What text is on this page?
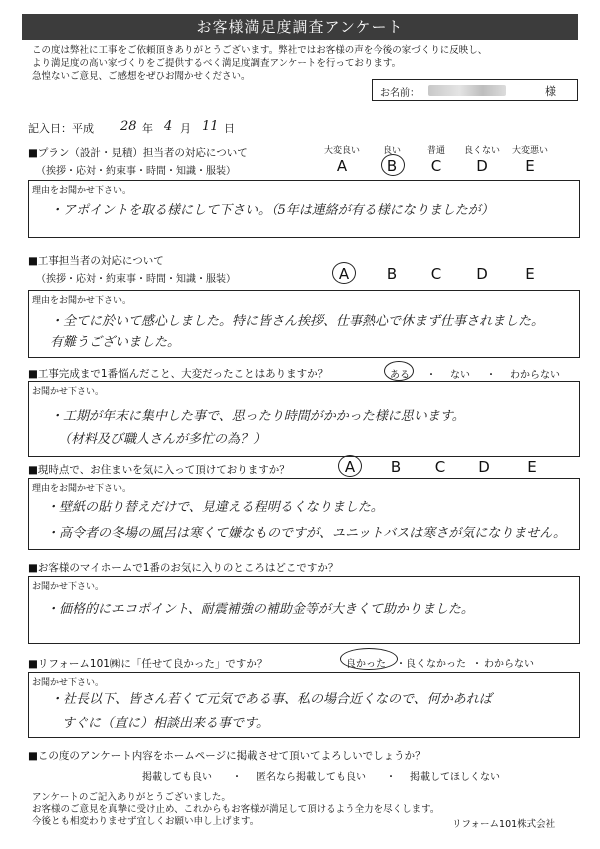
お客様満足度調査アンケート
この度は弊社に工事をご依頼頂きありがとうございます。弊社ではお客様の声を今後の家づくりに反映し、
より満足度の高い家づくりをご提供するべく満足度調査アンケートを行っております。
急惶ないご意見、ご感想をぜひお聞かせください。
お名前：	様
記入日：平成 28 年 4 月 11 日
大変良い	良い	普通	良くない	大変悪い
■プラン（設計・見積）担当者の対応について
（挨拶・応対・約束事・時間・知識・服装）	A	B	C	D	E
理由をお聞かせ下さい。
・アポイントを取る様にして下さい。（5年は連絡が有る様になりましたが）
■工事担当者の対応について
（挨拶・応対・約束事・時間・知識・服装）	A	B	C	D	E
理由をお聞かせ下さい。
・全てに於いて感心しました。特に皆さん挨拶、仕事熱心で休まず仕事されました。
有難うございました。
■工事完成まで1番悩んだこと、大変だったことはありますか？	ある ・ ない ・ わからない
お聞かせ下さい。
・工期が年末に集中した事で、思ったり時間がかかった様に思います。
（材料及び職人さんが多忙の為？）
■現時点で、お住まいを気に入って頂けておりますか？	A	B	C	D	E
理由をお聞かせ下さい。
・壁紙の貼り替えだけで、見違える程明るくなりました。
・高令者の冬場の風呂は寒くて嫌なものですが、ユニットバスは寒さが気になりません。
■お客様のマイホームで1番のお気に入りのところはどこですか？
お聞かせ下さい。
・価格的にエコポイント、耐震補強の補助金等が大きくて助かりました。
■リフォーム101㈱に「任せて良かった」ですか？	良かった ・ 良くなかった ・ わからない
お聞かせ下さい。
・社長以下、皆さん若くて元気である事、私の場合近くなので、何かあれば
すぐに（直に）相談出来る事です。
■この度のアンケート内容をホームページに掲載させて頂いてよろしいでしょうか？
掲載しても良い ・ 匿名なら掲載しても良い ・ 掲載してほしくない
アンケートのご記入ありがとうございました。
お客様のご意見を真摯に受け止め、これからもお客様が満足して頂けるよう全力を尽くします。
今後とも相変わりませず宜しくお願い申し上げます。	リフォーム101株式会社
